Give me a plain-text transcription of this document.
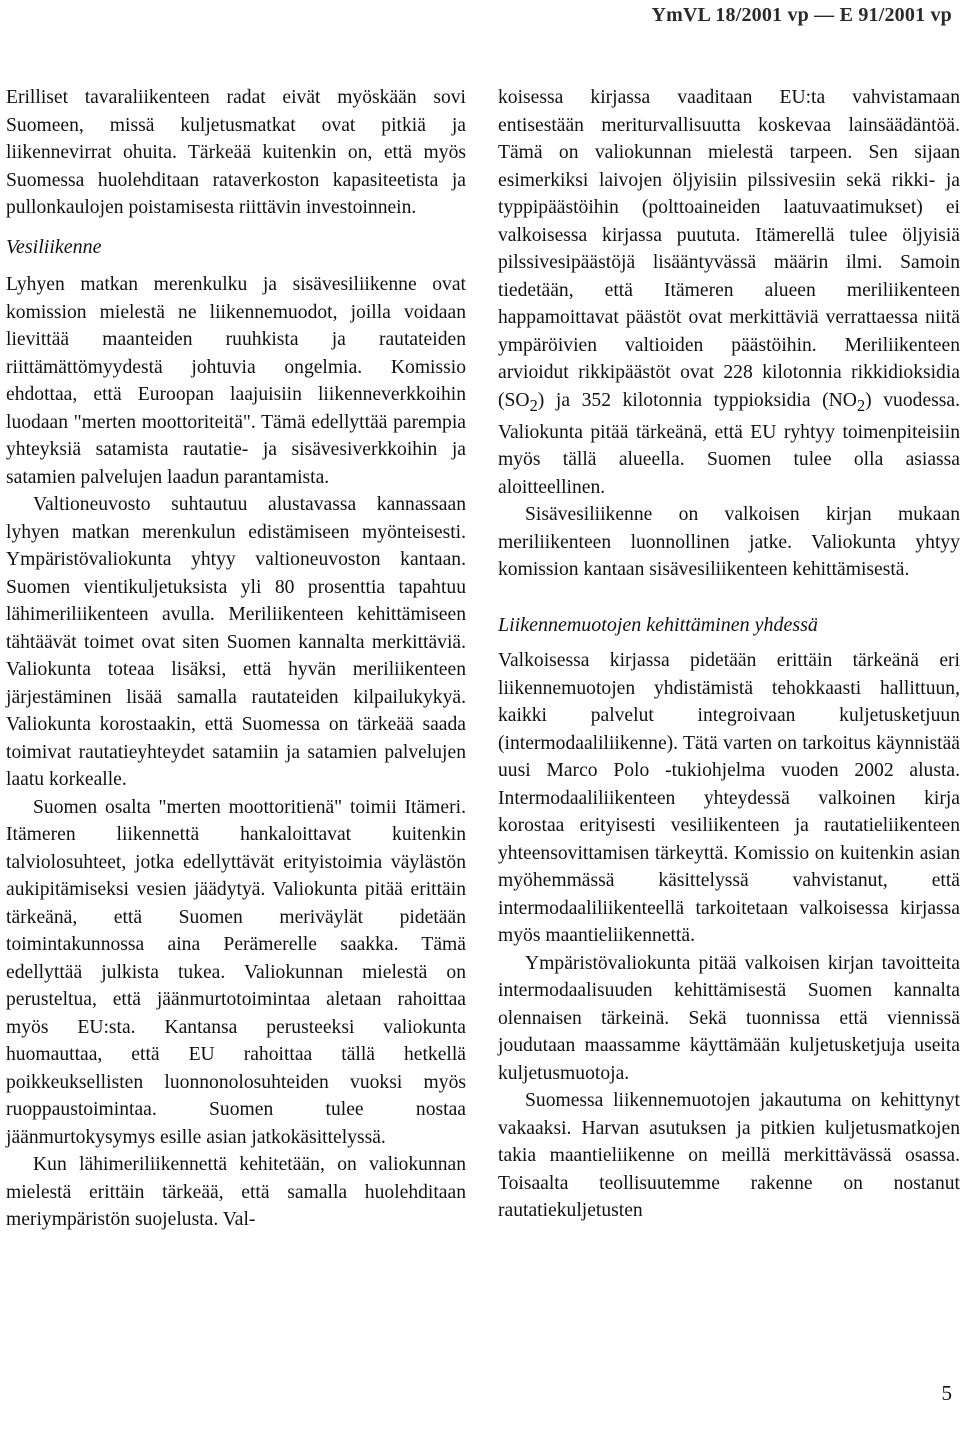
YmVL 18/2001 vp — E 91/2001 vp

Erilliset tavaraliikenteen radat eivät myöskään sovi Suomeen, missä kuljetusmatkat ovat pitkiä ja liikennevirrat ohuita. Tärkeää kuitenkin on, että myös Suomessa huolehditaan rataverkoston kapasiteetista ja pullonkaulojen poistamisesta riittävin investoinnein.

Vesiliikenne

Lyhyen matkan merenkulku ja sisävesiliikenne ovat komission mielestä ne liikennemuodot, joilla voidaan lievittää maanteiden ruuhkista ja rautateiden riittämättömyydestä johtuvia ongelmia. Komissio ehdottaa, että Euroopan laajuisiin liikenneverkkoihin luodaan "merten moottoriteitä". Tämä edellyttää parempia yhteyksiä satamista rautatie- ja sisävesiverkkoihin ja satamien palvelujen laadun parantamista.

Valtioneuvosto suhtautuu alustavassa kannassaan lyhyen matkan merenkulun edistämiseen myönteisesti. Ympäristövaliokunta yhtyy valtioneuvoston kantaan. Suomen vientikuljetuksista yli 80 prosenttia tapahtuu lähimeriliikenteen avulla. Meriliikenteen kehittämiseen tähtäävät toimet ovat siten Suomen kannalta merkittäviä. Valiokunta toteaa lisäksi, että hyvän meriliikenteen järjestäminen lisää samalla rautateiden kilpailukykyä. Valiokunta korostaakin, että Suomessa on tärkeää saada toimivat rautatieyhteydet satamiin ja satamien palvelujen laatu korkealle.

Suomen osalta "merten moottoritienä" toimii Itämeri. Itämeren liikennettä hankaloittavat kuitenkin talviolosuhteet, jotka edellyttävät erityistoimia väylästön aukipitämiseksi vesien jäädytyä. Valiokunta pitää erittäin tärkeänä, että Suomen meriväylät pidetään toimintakunnossa aina Perämerelle saakka. Tämä edellyttää julkista tukea. Valiokunnan mielestä on perusteltua, että jäänmurtotoimintaa aletaan rahoittaa myös EU:sta. Kantansa perusteeksi valiokunta huomauttaa, että EU rahoittaa tällä hetkellä poikkeuksellisten luonnonolosuhteiden vuoksi myös ruoppaustoimintaa. Suomen tulee nostaa jäänmurtokysymys esille asian jatkokäsittelyssä.

Kun lähimeriliikennettä kehitetään, on valiokunnan mielestä erittäin tärkeää, että samalla huolehditaan meriympäristön suojelusta. Val-

koisessa kirjassa vaaditaan EU:ta vahvistamaan entisestään meriturvallisuutta koskevaa lainsäädäntöä. Tämä on valiokunnan mielestä tarpeen. Sen sijaan esimerkiksi laivojen öljyisiin pilssivesiin sekä rikki- ja typpipäästöihin (polttoaineiden laatuvaatimukset) ei valkoisessa kirjassa puututa. Itämerellä tulee öljyisiä pilssivesipäästöjä lisääntyvässä määrin ilmi. Samoin tiedetään, että Itämeren alueen meriliikenteen happamoittavat päästöt ovat merkittäviä verrattaessa niitä ympäröivien valtioiden päästöihin. Meriliikenteen arvioidut rikkipäästöt ovat 228 kilotonnia rikkidioksidia $(SO_2)$ ja 352 kilotonnia typpioksidia $(NO_2)$ vuodessa. Valiokunta pitää tärkeänä, että EU ryhtyy toimenpiteisiin myös tällä alueella. Suomen tulee olla asiassa aloitteellinen.

Sisävesiliikenne on valkoisen kirjan mukaan meriliikenteen luonnollinen jatke. Valiokunta yhtyy komission kantaan sisävesiliikenteen kehittämisestä.

Liikennemuotojen kehittäminen yhdessä

Valkoisessa kirjassa pidetään erittäin tärkeänä eri liikennemuotojen yhdistämistä tehokkaasti hallittuun, kaikki palvelut integroivaan kuljetusketjuun (intermodaaliliikenne). Tätä varten on tarkoitus käynnistää uusi Marco Polo -tukiohjelma vuoden 2002 alusta. Intermodaaliliikenteen yhteydessä valkoinen kirja korostaa erityisesti vesiliikenteen ja rautatieliikenteen yhteensovittamisen tärkeyttä. Komissio on kuitenkin asian myöhemmässä käsittelyssä vahvistanut, että intermodaaliliikenteellä tarkoitetaan valkoisessa kirjassa myös maantieliikennettä.

Ympäristövaliokunta pitää valkoisen kirjan tavoitteita intermodaalisuuden kehittämisestä Suomen kannalta olennaisen tärkeinä. Sekä tuonnissa että viennissä joudutaan maassamme käyttämään kuljetusketjuja useita kuljetusmuotoja.

Suomessa liikennemuotojen jakautuma on kehittynyt vakaaksi. Harvan asutuksen ja pitkien kuljetusmatkojen takia maantieliikenne on meillä merkittävässä osassa. Toisaalta teollisuutemme rakenne on nostanut rautatiekuljetusten

5
